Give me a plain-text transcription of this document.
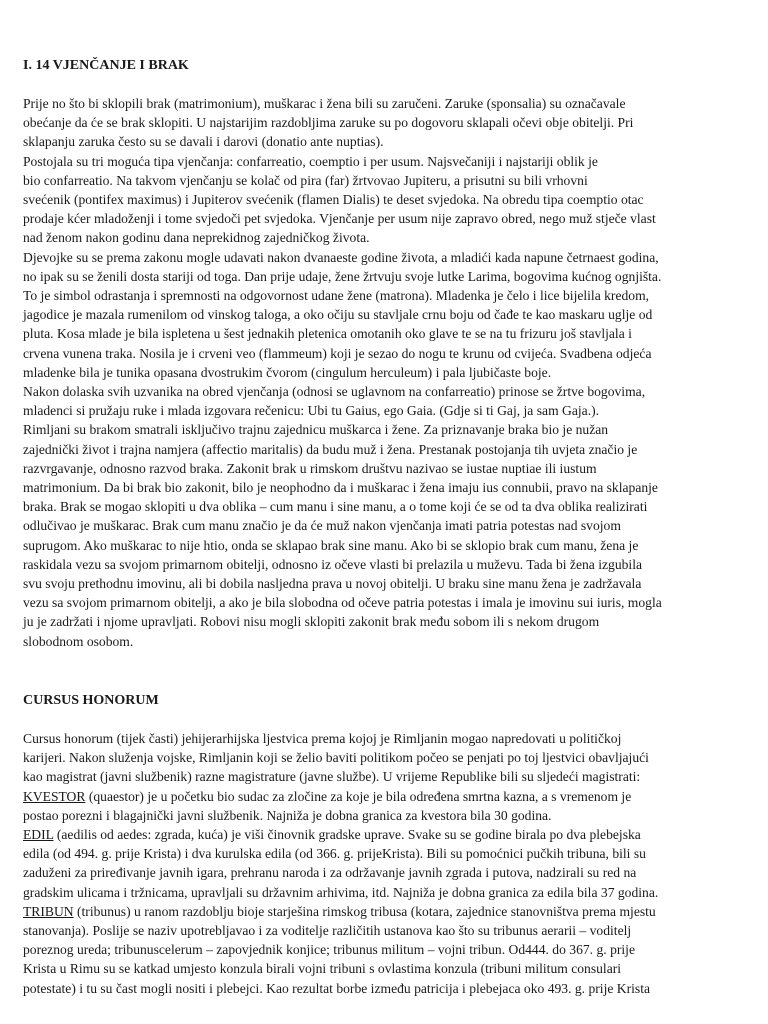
I. 14 VJENČANJE I BRAK
Prije no što bi sklopili brak (matrimonium), muškarac i žena bili su zaručeni. Zaruke (sponsalia) su označavale
obećanje da će se brak sklopiti. U najstarijim razdobljima zaruke su po dogovoru sklapali očevi obje obitelji. Pri
sklapanju zaruka često su se davali i darovi (donatio ante nuptias).
Postojala su tri moguća tipa vjenčanja: confarreatio, coemptio i per usum. Najsvečaniji i najstariji oblik je
bio confarreatio. Na takvom vjenčanju se kolač od pira (far) žrtvovao Jupiteru, a prisutni su bili vrhovni
svećenik (pontifex maximus) i Jupiterov svećenik (flamen Dialis) te deset svjedoka. Na obredu tipa coemptio otac
prodaje kćer mladoženji i tome svjedoči pet svjedoka. Vjenčanje per usum nije zapravo obred, nego muž stječe vlast
nad ženom nakon godinu dana neprekidnog zajedničkog života.
Djevojke su se prema zakonu mogle udavati nakon dvanaeste godine života, a mladići kada napune četrnaest godina,
no ipak su se ženili dosta stariji od toga. Dan prije udaje, žene žrtvuju svoje lutke Larima, bogovima kućnog ognjišta.
To je simbol odrastanja i spremnosti na odgovornost udane žene (matrona). Mladenka je čelo i lice bijelila kredom,
jagodice je mazala rumenilom od vinskog taloga, a oko očiju su stavljale crnu boju od čađe te kao maskaru uglje od
pluta. Kosa mlade je bila ispletena u šest jednakih pletenica omotanih oko glave te se na tu frizuru još stavljala i
crvena vunena traka. Nosila je i crveni veo (flammeum) koji je sezao do nogu te krunu od cvijeća. Svadbena odjeća
mladenke bila je tunika opasana dvostrukim čvorom (cingulum herculeum) i pala ljubičaste boje.
Nakon dolaska svih uzvanika na obred vjenčanja (odnosi se uglavnom na confarreatio) prinose se žrtve bogovima,
mladenci si pružaju ruke i mlada izgovara rečenicu: Ubi tu Gaius, ego Gaia. (Gdje si ti Gaj, ja sam Gaja.).
Rimljani su brakom smatrali isključivo trajnu zajednicu muškarca i žene. Za priznavanje braka bio je nužan
zajednički život i trajna namjera (affectio maritalis) da budu muž i žena. Prestanak postojanja tih uvjeta značio je
razvrgavanje, odnosno razvod braka. Zakonit brak u rimskom društvu nazivao se iustae nuptiae ili iustum
matrimonium. Da bi brak bio zakonit, bilo je neophodno da i muškarac i žena imaju ius connubii, pravo na sklapanje
braka. Brak se mogao sklopiti u dva oblika – cum manu i sine manu, a o tome koji će se od ta dva oblika realizirati
odlučivao je muškarac. Brak cum manu značio je da će muž nakon vjenčanja imati patria potestas nad svojom
suprugom. Ako muškarac to nije htio, onda se sklapao brak sine manu. Ako bi se sklopio brak cum manu, žena je
raskidala vezu sa svojom primarnom obitelji, odnosno iz očeve vlasti bi prelazila u muževu. Tada bi žena izgubila
svu svoju prethodnu imovinu, ali bi dobila nasljedna prava u novoj obitelji. U braku sine manu žena je zadržavala
vezu sa svojom primarnom obitelji, a ako je bila slobodna od očeve patria potestas i imala je imovinu sui iuris, mogla
ju je zadržati i njome upravljati. Robovi nisu mogli sklopiti zakonit brak među sobom ili s nekom drugom
slobodnom osobom.
CURSUS HONORUM
Cursus honorum (tijek časti) jehijerarhijska ljestvica prema kojoj je Rimljanin mogao napredovati u političkoj
karijeri. Nakon služenja vojske, Rimljanin koji se želio baviti politikom počeo se penjati po toj ljestvici obavljajući
kao magistrat (javni službenik) razne magistrature (javne službe). U vrijeme Republike bili su sljedeći magistrati:
KVESTOR (quaestor) je u početku bio sudac za zločine za koje je bila određena smrtna kazna, a s vremenom je
postao porezni i blagajnički javni službenik. Najniža je dobna granica za kvestora bila 30 godina.
EDIL (aedilis od aedes: zgrada, kuća) je viši činovnik gradske uprave. Svake su se godine birala po dva plebejska
edila (od 494. g. prije Krista) i dva kurulska edila (od 366. g. prijeKrista). Bili su pomoćnici pučkih tribuna, bili su
zaduženi za priređivanje javnih igara, prehranu naroda i za održavanje javnih zgrada i putova, nadzirali su red na
gradskim ulicama i tržnicama, upravljali su državnim arhivima, itd. Najniža je dobna granica za edila bila 37 godina.
TRIBUN (tribunus) u ranom razdoblju bioje starješina rimskog tribusa (kotara, zajednice stanovništva prema mjestu
stanovanja). Poslije se naziv upotrebljavao i za voditelje različitih ustanova kao što su tribunus aerarii – voditelj
poreznog ureda; tribunuscelerum – zapovjednik konjice; tribunus militum – vojni tribun. Od444. do 367. g. prije
Krista u Rimu su se katkad umjesto konzula birali vojni tribuni s ovlastima konzula (tribuni militum consulari
potestate) i tu su čast mogli nositi i plebejci. Kao rezultat borbe između patricija i plebejaca oko 493. g. prije Krista
